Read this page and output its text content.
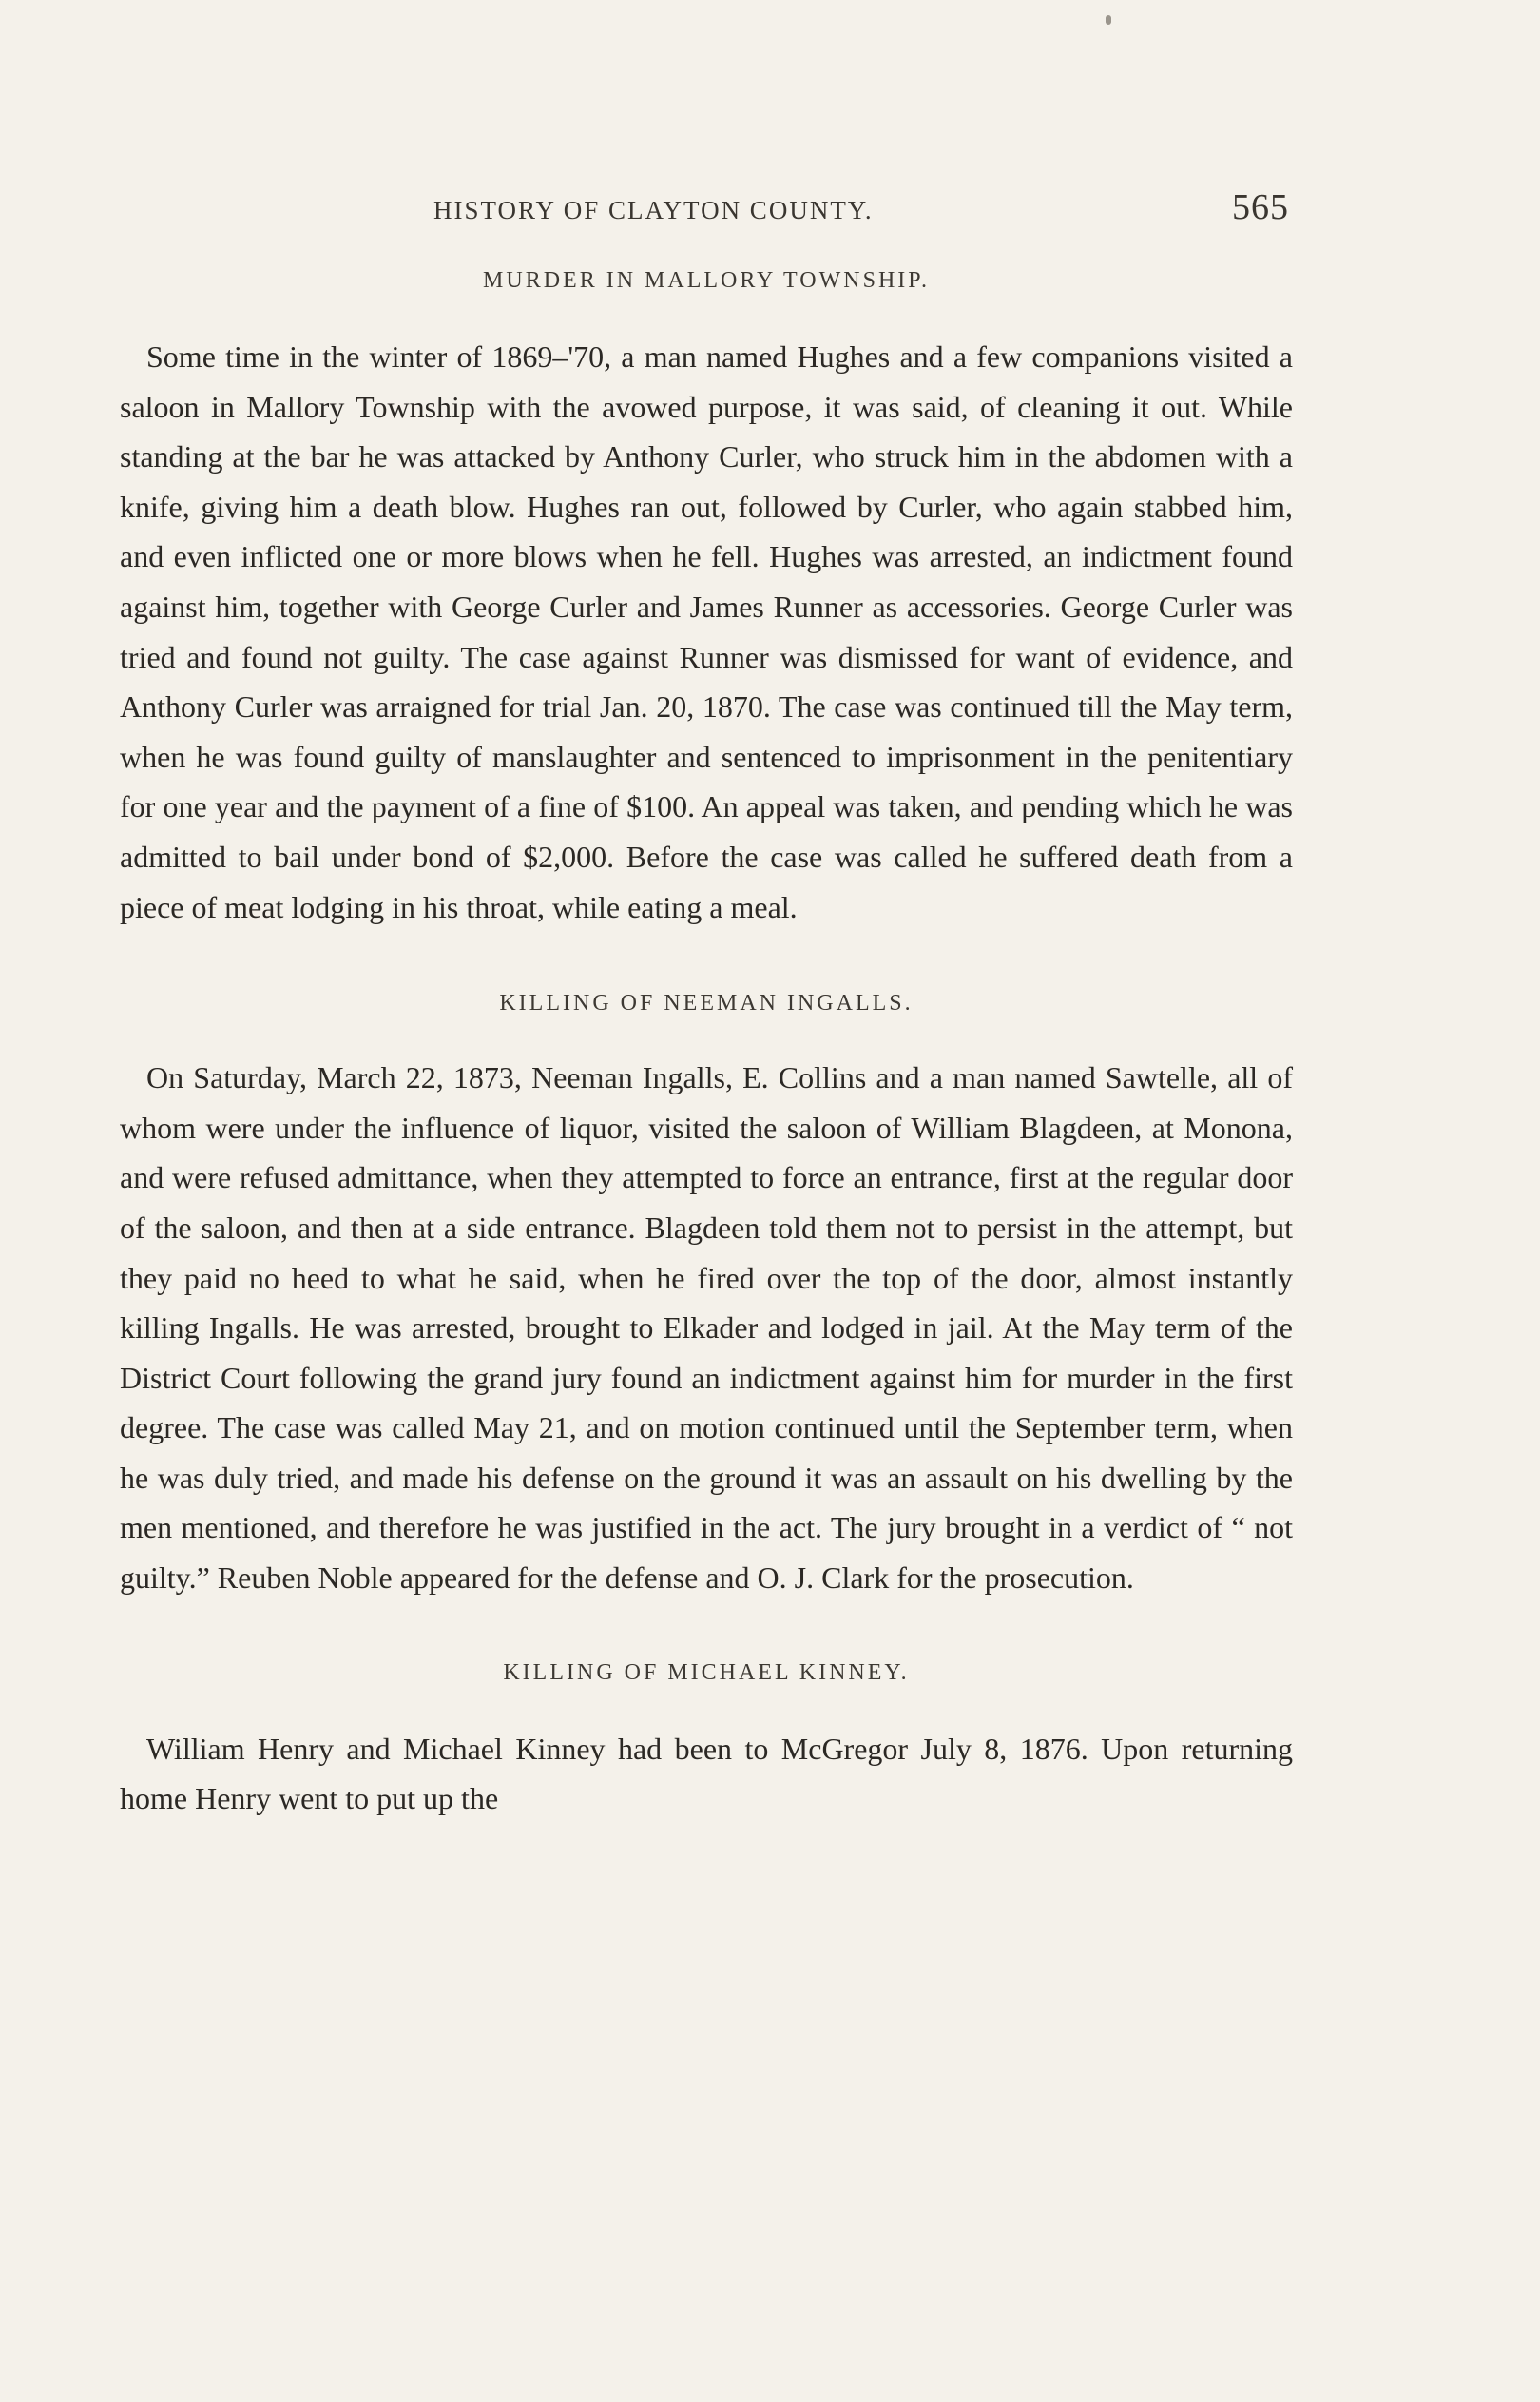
HISTORY OF CLAYTON COUNTY.	565

MURDER IN MALLORY TOWNSHIP.

Some time in the winter of 1869–'70, a man named Hughes and a few companions visited a saloon in Mallory Township with the avowed purpose, it was said, of cleaning it out. While standing at the bar he was attacked by Anthony Curler, who struck him in the abdomen with a knife, giving him a death blow. Hughes ran out, followed by Curler, who again stabbed him, and even inflicted one or more blows when he fell. Hughes was arrested, an indictment found against him, together with George Curler and James Runner as accessories. George Curler was tried and found not guilty. The case against Runner was dismissed for want of evidence, and Anthony Curler was arraigned for trial Jan. 20, 1870. The case was continued till the May term, when he was found guilty of manslaughter and sentenced to imprisonment in the penitentiary for one year and the payment of a fine of $100. An appeal was taken, and pending which he was admitted to bail under bond of $2,000. Before the case was called he suffered death from a piece of meat lodging in his throat, while eating a meal.

KILLING OF NEEMAN INGALLS.

On Saturday, March 22, 1873, Neeman Ingalls, E. Collins and a man named Sawtelle, all of whom were under the influence of liquor, visited the saloon of William Blagdeen, at Monona, and were refused admittance, when they attempted to force an entrance, first at the regular door of the saloon, and then at a side entrance. Blagdeen told them not to persist in the attempt, but they paid no heed to what he said, when he fired over the top of the door, almost instantly killing Ingalls. He was arrested, brought to Elkader and lodged in jail. At the May term of the District Court following the grand jury found an indictment against him for murder in the first degree. The case was called May 21, and on motion continued until the September term, when he was duly tried, and made his defense on the ground it was an assault on his dwelling by the men mentioned, and therefore he was justified in the act. The jury brought in a verdict of “ not guilty.” Reuben Noble appeared for the defense and O. J. Clark for the prosecution.

KILLING OF MICHAEL KINNEY.

William Henry and Michael Kinney had been to McGregor July 8, 1876. Upon returning home Henry went to put up the
